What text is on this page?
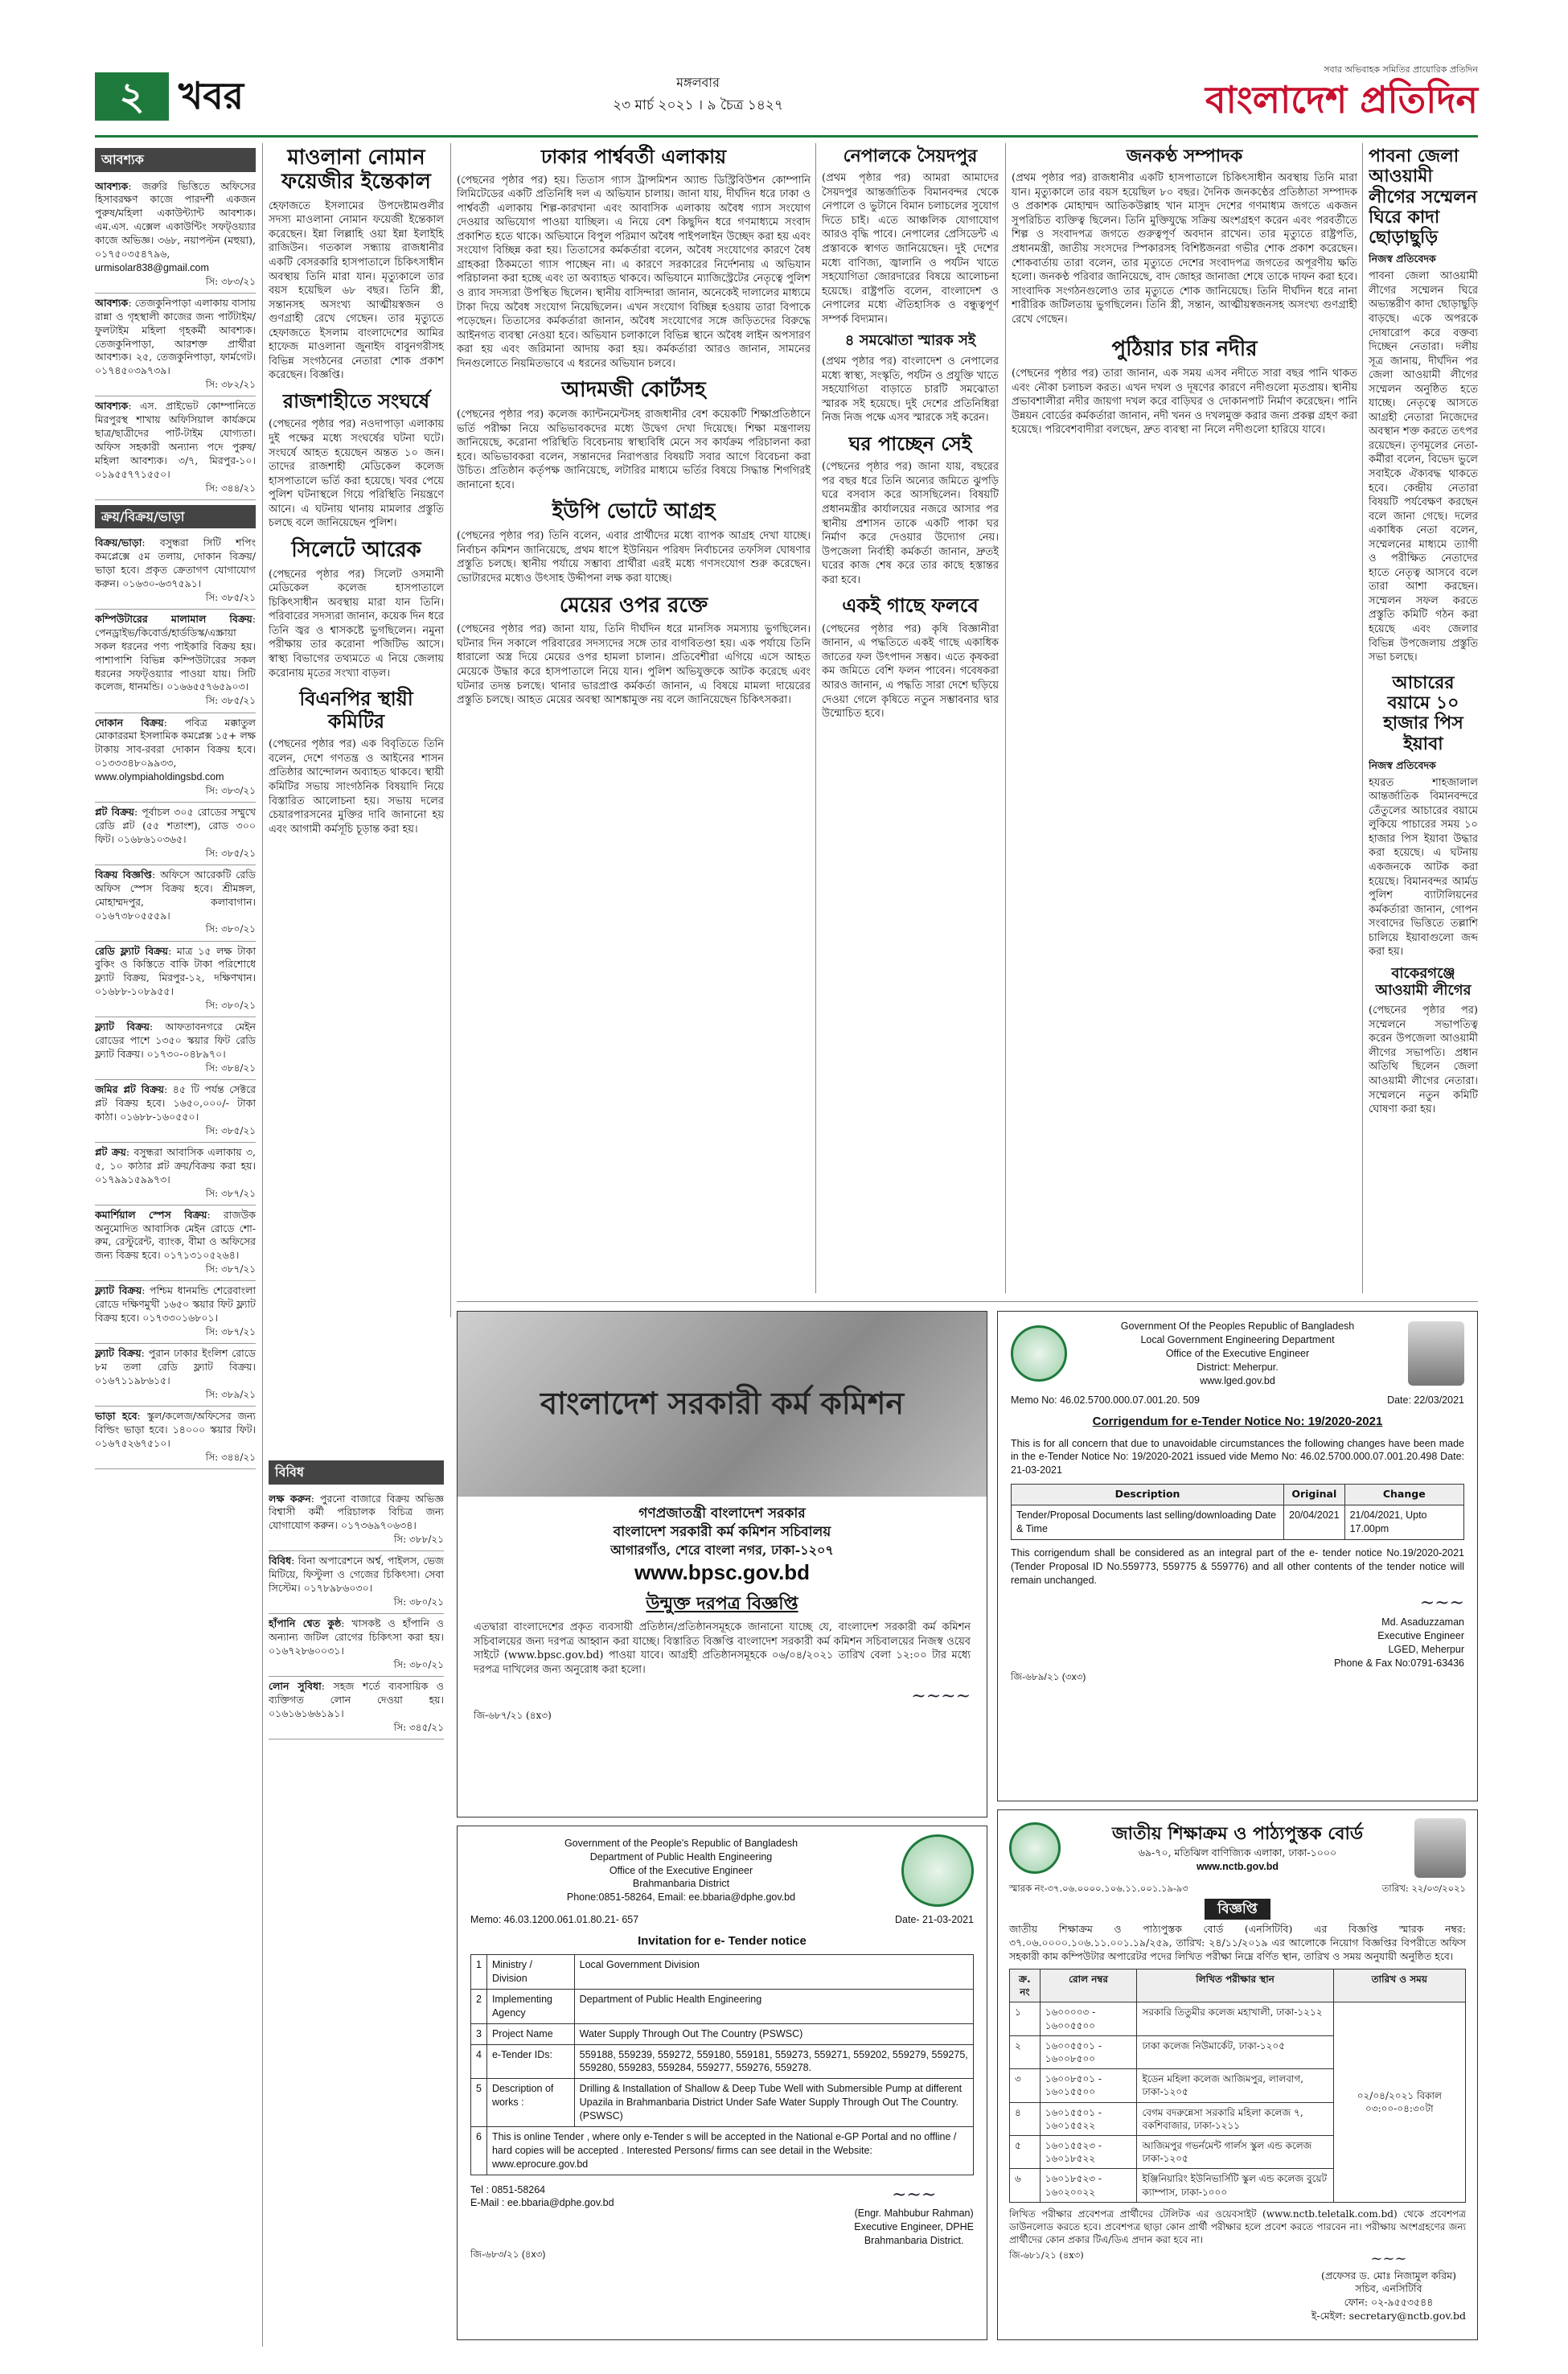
২ খবর	মঙ্গলবার
২৩ মার্চ ২০২১ । ৯ চৈত্র ১৪২৭
সবার অভিবাহক সমিতির প্রায়োরিক প্রতিদিন
বাংলাদেশ প্রতিদিন
আবশ্যক
আবশ্যক: জরুরি ভিত্তিতে অফিসের হিসাবরক্ষণ কাজে পারদর্শী একজন পুরুষ/মহিলা একাউন্ট্যান্ট আবশ্যক। এম.এস. এক্সেল একাউন্টিং সফট্ওয়্যার কাজে অভিজ্ঞ। ৩৬৮, নয়াপল্টন (মহুয়া), ০১৭৫০৩৫৪৭৯৬,
urmisolar838@gmail.com
সি: ৩৮৩/২১
আবশ্যক: তেজকুনিপাড়া এলাকায় বাসায় রান্না ও গৃহস্থালী কাজের জন্য পার্টটাইম/ফুলটাইম মহিলা গৃহকর্মী আবশ্যক। তেজকুনিপাড়া, আরশক্ত প্রার্থীরা আবশ্যক। ২৫, তেজকুনিপাড়া, ফার্মগেট। ০১৭৪৫০৩৯৭৩৯।
সি: ৩৮২/২১
আবশ্যক: এস. প্রাইভেট কোম্পানিতে মিরপুরস্থ শাখায় অফিসিয়াল কার্যক্রমে ছাত্র/ছাত্রীদের পার্ট-টাইম যোগ্যতা। অফিস সহকারী অন্যান্য পদে পুরুষ/মহিলা আবশ্যক। ৩/৭, মিরপুর-১০। ০১৯৫৫৭৭১৫৫০।
সি: ৩৪৪/২১
ক্রয়/বিক্রয়/ভাড়া
বিক্রয়/ভাড়া: বসুন্ধরা সিটি শপিং কমপ্লেক্সে ৫ম তলায়, দোকান বিক্রয়/ভাড়া হবে। প্রকৃত ক্রেতাগণ যোগাযোগ করুন। ০১৬৩০-৬৩৭৫৯১।
সি: ৩৮৫/২১
কম্পিউটারের মালামাল বিক্রয়: পেনড্রাইভ/কিবোর্ড/হার্ডডিস্ক/এস্ক্রায়া সকল ধরনের পণ্য পাইকারি বিক্রয় হয়। পাশাপাশি বিভিন্ন কম্পিউটারের সকল ধরনের সফট্ওয়্যার পাওয়া যায়। সিটি কলেজ, ধানমন্ডি। ০১৬৬৫৫৭৬৫৯০৩।
সি: ৩৮৫/২১
দোকান বিক্রয়: পবিত্র মক্কাতুল মোকাররমা ইসলামিক কমপ্লেক্স ১৫+ লক্ষ টাকায় সাব-রবরা দোকান বিক্রয় হবে। ০১৩৩৩৪৮০৯৯৩৩,
www.olympiaholdingsbd.com
সি: ৩৮৩/২১
প্লট বিক্রয়: পূর্বাচল ৩০৫ রোডের সম্মুখে রেডি প্লট (৫৫ শতাংশ), রোড ৩০০ ফিট। ০১৬৮৬১০৩৬৫।
সি: ৩৮৫/২১
বিক্রয় বিজ্ঞপ্তি: অফিসে আরেকটি রেডি অফিস স্পেস বিক্রয় হবে। শ্রীমঙ্গল, মোহাম্মদপুর, কলাবাগান। ০১৬৭৩৮০৫৫৫৯।
সি: ৩৮০/২১
রেডি ফ্ল্যাট বিক্রয়: মাত্র ১৫ লক্ষ টাকা বুকিং ও কিস্তিতে বাকি টাকা পরিশোধে ফ্ল্যাট বিক্রয়, মিরপুর-১২, দক্ষিণখান। ০১৬৮৮-১০৮৯৫৫।
সি: ৩৮০/২১
ফ্ল্যাট বিক্রয়: আফতাবনগরে মেইন রোডের পাশে ১৩৫০ স্কয়ার ফিট রেডি ফ্ল্যাট বিক্রয়। ০১৭৩০-০৪৮৯৭০।
সি: ৩৮৪/২১
জমির প্লট বিক্রয়: ৪৫ টি পর্যন্ত সেক্টরে প্লট বিক্রয় হবে। ১৬৫০,০০০/- টাকা কাঠা। ০১৬৮৮-১৬০৫৫০।
সি: ৩৮৫/২১
প্লট ক্রয়: বসুন্ধরা আবাসিক এলাকায় ৩, ৫, ১০ কাঠার প্লট ক্রয়/বিক্রয় করা হয়। ০১৭৯৯১৫৯৯৭৩।
সি: ৩৮৭/২১
কমার্শিয়াল স্পেস বিক্রয়: রাজউক অনুমোদিত আবাসিক মেইন রোডে শো-রুম, রেস্টুরেন্ট, ব্যাংক, বীমা ও অফিসের জন্য বিক্রয় হবে। ০১৭১৩১০৫২৬৪।
সি: ৩৮৭/২১
ফ্ল্যাট বিক্রয়: পশ্চিম ধানমন্ডি শেরেবাংলা রোডে দক্ষিণমুখী ১৬৫০ স্কয়ার ফিট ফ্ল্যাট বিক্রয় হবে। ০১৭৩৩০১৬৮০১।
সি: ৩৮৭/২১
ফ্ল্যাট বিক্রয়: পুরান ঢাকার ইংলিশ রোডে ৮ম তলা রেডি ফ্ল্যাট বিক্রয়। ০১৬৭১১৯৮৬১৫।
সি: ৩৮৯/২১
ভাড়া হবে: স্কুল/কলেজ/অফিসের জন্য বিল্ডিং ভাড়া হবে। ১৪০০০ স্কয়ার ফিট। ০১৬৭৫২৬৭৫১০।
সি: ৩৪৪/২১
মাওলানা নোমান ফয়েজীর ইন্তেকাল

হেফাজতে ইসলামের উপদেষ্টামণ্ডলীর সদস্য মাওলানা নোমান ফয়েজী ইন্তেকাল করেছেন। ইন্না লিল্লাহি ওয়া ইন্না ইলাইহি রাজিউন। গতকাল সন্ধ্যায় রাজধানীর একটি বেসরকারি হাসপাতালে চিকিৎসাধীন অবস্থায় তিনি মারা যান। মৃত্যুকালে তার বয়স হয়েছিল ৬৮ বছর। তিনি স্ত্রী, সন্তানসহ অসংখ্য আত্মীয়স্বজন ও গুণগ্রাহী রেখে গেছেন। তার মৃত্যুতে হেফাজতে ইসলাম বাংলাদেশের আমির হাফেজ মাওলানা জুনাইদ বাবুনগরীসহ বিভিন্ন সংগঠনের নেতারা শোক প্রকাশ করেছেন। বিজ্ঞপ্তি।

রাজশাহীতে সংঘর্ষে

(পেছনের পৃষ্ঠার পর) নওদাপাড়া এলাকায় দুই পক্ষের মধ্যে সংঘর্ষের ঘটনা ঘটে। সংঘর্ষে আহত হয়েছেন অন্তত ১০ জন। তাদের রাজশাহী মেডিকেল কলেজ হাসপাতালে ভর্তি করা হয়েছে। খবর পেয়ে পুলিশ ঘটনাস্থলে গিয়ে পরিস্থিতি নিয়ন্ত্রণে আনে। এ ঘটনায় থানায় মামলার প্রস্তুতি চলছে বলে জানিয়েছেন পুলিশ।

সিলেটে আরেক

(পেছনের পৃষ্ঠার পর) সিলেট ওসমানী মেডিকেল কলেজ হাসপাতালে চিকিৎসাধীন অবস্থায় মারা যান তিনি। পরিবারের সদস্যরা জানান, কয়েক দিন ধরে তিনি জ্বর ও শ্বাসকষ্টে ভুগছিলেন। নমুনা পরীক্ষায় তার করোনা পজিটিভ আসে। স্বাস্থ্য বিভাগের তথ্যমতে এ নিয়ে জেলায় করোনায় মৃতের সংখ্যা বাড়ল।

বিএনপির স্থায়ী কমিটির

(পেছনের পৃষ্ঠার পর) এক বিবৃতিতে তিনি বলেন, দেশে গণতন্ত্র ও আইনের শাসন প্রতিষ্ঠার আন্দোলন অব্যাহত থাকবে। স্থায়ী কমিটির সভায় সাংগঠনিক বিষয়াদি নিয়ে বিস্তারিত আলোচনা হয়। সভায় দলের চেয়ারপারসনের মুক্তির দাবি জানানো হয় এবং আগামী কর্মসূচি চূড়ান্ত করা হয়।

বিবিধ
লক্ষ করুন: পুরনো বাজারে বিক্রয় অভিজ্ঞ বিশ্বাসী কর্মী পরিচালক বিচিত্র জন্য যোগাযোগ করুন। ০১৭৩৬৯৭০৬৩৪।
সি: ৩৮৮/২১
বিবিধ: বিনা অপারেশনে অর্শ্ব, পাইলস, ভেজ মিটিয়ে, ফিস্টুলা ও গেজের চিকিৎসা। সেবা সিস্টেম। ০১৭৮৯৮৬০৩০।
সি: ৩৮০/২১
হাঁপানি শ্বেত কুষ্ঠ: খাসকষ্ট ও হাঁপানি ও অন্যান্য জটিল রোগের চিকিৎসা করা হয়। ০১৬৭২৮৬০০৩১।
সি: ৩৮০/২১
লোন সুবিধা: সহজ শর্তে ব্যবসায়িক ও ব্যক্তিগত লোন দেওয়া হয়। ০১৬১৬১৬৬১৯১।
সি: ৩৪৫/২১
ঢাকার পার্শ্ববর্তী এলাকায়

(পেছনের পৃষ্ঠার পর) হয়। তিতাস গ্যাস ট্রান্সমিশন অ্যান্ড ডিস্ট্রিবিউশন কোম্পানি লিমিটেডের একটি প্রতিনিধি দল এ অভিযান চালায়। জানা যায়, দীর্ঘদিন ধরে ঢাকা ও পার্শ্ববর্তী এলাকায় শিল্প-কারখানা এবং আবাসিক এলাকায় অবৈধ গ্যাস সংযোগ দেওয়ার অভিযোগ পাওয়া যাচ্ছিল। এ নিয়ে বেশ কিছুদিন ধরে গণমাধ্যমে সংবাদ প্রকাশিত হতে থাকে। অভিযানে বিপুল পরিমাণ অবৈধ পাইপলাইন উচ্ছেদ করা হয় এবং সংযোগ বিচ্ছিন্ন করা হয়। তিতাসের কর্মকর্তারা বলেন, অবৈধ সংযোগের কারণে বৈধ গ্রাহকরা ঠিকমতো গ্যাস পাচ্ছেন না। এ কারণে সরকারের নির্দেশনায় এ অভিযান পরিচালনা করা হচ্ছে এবং তা অব্যাহত থাকবে। অভিযানে ম্যাজিস্ট্রেটের নেতৃত্বে পুলিশ ও র‍্যাব সদস্যরা উপস্থিত ছিলেন। স্থানীয় বাসিন্দারা জানান, অনেকেই দালালের মাধ্যমে টাকা দিয়ে অবৈধ সংযোগ নিয়েছিলেন। এখন সংযোগ বিচ্ছিন্ন হওয়ায় তারা বিপাকে পড়েছেন। তিতাসের কর্মকর্তারা জানান, অবৈধ সংযোগের সঙ্গে জড়িতদের বিরুদ্ধে আইনগত ব্যবস্থা নেওয়া হবে। অভিযান চলাকালে বিভিন্ন স্থানে অবৈধ লাইন অপসারণ করা হয় এবং জরিমানা আদায় করা হয়। কর্মকর্তারা আরও জানান, সামনের দিনগুলোতে নিয়মিতভাবে এ ধরনের অভিযান চলবে।

আদমজী কোর্টসহ

(পেছনের পৃষ্ঠার পর) কলেজ ক্যান্টনমেন্টসহ রাজধানীর বেশ কয়েকটি শিক্ষাপ্রতিষ্ঠানে ভর্তি পরীক্ষা নিয়ে অভিভাবকদের মধ্যে উদ্বেগ দেখা দিয়েছে। শিক্ষা মন্ত্রণালয় জানিয়েছে, করোনা পরিস্থিতি বিবেচনায় স্বাস্থ্যবিধি মেনে সব কার্যক্রম পরিচালনা করা হবে। অভিভাবকরা বলেন, সন্তানদের নিরাপত্তার বিষয়টি সবার আগে বিবেচনা করা উচিত। প্রতিষ্ঠান কর্তৃপক্ষ জানিয়েছে, লটারির মাধ্যমে ভর্তির বিষয়ে সিদ্ধান্ত শিগগিরই জানানো হবে।

ইউপি ভোটে আগ্রহ

(পেছনের পৃষ্ঠার পর) তিনি বলেন, এবার প্রার্থীদের মধ্যে ব্যাপক আগ্রহ দেখা যাচ্ছে। নির্বাচন কমিশন জানিয়েছে, প্রথম ধাপে ইউনিয়ন পরিষদ নির্বাচনের তফসিল ঘোষণার প্রস্তুতি চলছে। স্থানীয় পর্যায়ে সম্ভাব্য প্রার্থীরা এরই মধ্যে গণসংযোগ শুরু করেছেন। ভোটারদের মধ্যেও উৎসাহ উদ্দীপনা লক্ষ করা যাচ্ছে।

মেয়ের ওপর রক্তে

(পেছনের পৃষ্ঠার পর) জানা যায়, তিনি দীর্ঘদিন ধরে মানসিক সমস্যায় ভুগছিলেন। ঘটনার দিন সকালে পরিবারের সদস্যদের সঙ্গে তার বাগবিতণ্ডা হয়। এক পর্যায়ে তিনি ধারালো অস্ত্র দিয়ে মেয়ের ওপর হামলা চালান। প্রতিবেশীরা এগিয়ে এসে আহত মেয়েকে উদ্ধার করে হাসপাতালে নিয়ে যান। পুলিশ অভিযুক্তকে আটক করেছে এবং ঘটনার তদন্ত চলছে। থানার ভারপ্রাপ্ত কর্মকর্তা জানান, এ বিষয়ে মামলা দায়েরের প্রস্তুতি চলছে। আহত মেয়ের অবস্থা আশঙ্কামুক্ত নয় বলে জানিয়েছেন চিকিৎসকরা।

নেপালকে সৈয়দপুর

(প্রথম পৃষ্ঠার পর) আমরা আমাদের সৈয়দপুর আন্তর্জাতিক বিমানবন্দর থেকে নেপালে ও ভুটানে বিমান চলাচলের সুযোগ দিতে চাই। এতে আঞ্চলিক যোগাযোগ আরও বৃদ্ধি পাবে। নেপালের প্রেসিডেন্ট এ প্রস্তাবকে স্বাগত জানিয়েছেন। দুই দেশের মধ্যে বাণিজ্য, জ্বালানি ও পর্যটন খাতে সহযোগিতা জোরদারের বিষয়ে আলোচনা হয়েছে। রাষ্ট্রপতি বলেন, বাংলাদেশ ও নেপালের মধ্যে ঐতিহাসিক ও বন্ধুত্বপূর্ণ সম্পর্ক বিদ্যমান।

৪ সমঝোতা স্মারক সই

(প্রথম পৃষ্ঠার পর) বাংলাদেশ ও নেপালের মধ্যে স্বাস্থ্য, সংস্কৃতি, পর্যটন ও প্রযুক্তি খাতে সহযোগিতা বাড়াতে চারটি সমঝোতা স্মারক সই হয়েছে। দুই দেশের প্রতিনিধিরা নিজ নিজ পক্ষে এসব স্মারকে সই করেন।

ঘর পাচ্ছেন সেই

(পেছনের পৃষ্ঠার পর) জানা যায়, বছরের পর বছর ধরে তিনি অন্যের জমিতে ঝুপড়ি ঘরে বসবাস করে আসছিলেন। বিষয়টি প্রধানমন্ত্রীর কার্যালয়ের নজরে আসার পর স্থানীয় প্রশাসন তাকে একটি পাকা ঘর নির্মাণ করে দেওয়ার উদ্যোগ নেয়। উপজেলা নির্বাহী কর্মকর্তা জানান, দ্রুতই ঘরের কাজ শেষ করে তার কাছে হস্তান্তর করা হবে।

একই গাছে ফলবে

(পেছনের পৃষ্ঠার পর) কৃষি বিজ্ঞানীরা জানান, এ পদ্ধতিতে একই গাছে একাধিক জাতের ফল উৎপাদন সম্ভব। এতে কৃষকরা কম জমিতে বেশি ফলন পাবেন। গবেষকরা আরও জানান, এ পদ্ধতি সারা দেশে ছড়িয়ে দেওয়া গেলে কৃষিতে নতুন সম্ভাবনার দ্বার উন্মোচিত হবে।

জনকণ্ঠ সম্পাদক

(প্রথম পৃষ্ঠার পর) রাজধানীর একটি হাসপাতালে চিকিৎসাধীন অবস্থায় তিনি মারা যান। মৃত্যুকালে তার বয়স হয়েছিল ৮০ বছর। দৈনিক জনকণ্ঠের প্রতিষ্ঠাতা সম্পাদক ও প্রকাশক মোহাম্মদ আতিকউল্লাহ খান মাসুদ দেশের গণমাধ্যম জগতে একজন সুপরিচিত ব্যক্তিত্ব ছিলেন। তিনি মুক্তিযুদ্ধে সক্রিয় অংশগ্রহণ করেন এবং পরবর্তীতে শিল্প ও সংবাদপত্র জগতে গুরুত্বপূর্ণ অবদান রাখেন। তার মৃত্যুতে রাষ্ট্রপতি, প্রধানমন্ত্রী, জাতীয় সংসদের স্পিকারসহ বিশিষ্টজনরা গভীর শোক প্রকাশ করেছেন। শোকবার্তায় তারা বলেন, তার মৃত্যুতে দেশের সংবাদপত্র জগতের অপূরণীয় ক্ষতি হলো। জনকণ্ঠ পরিবার জানিয়েছে, বাদ জোহর জানাজা শেষে তাকে দাফন করা হবে। সাংবাদিক সংগঠনগুলোও তার মৃত্যুতে শোক জানিয়েছে। তিনি দীর্ঘদিন ধরে নানা শারীরিক জটিলতায় ভুগছিলেন। তিনি স্ত্রী, সন্তান, আত্মীয়স্বজনসহ অসংখ্য গুণগ্রাহী রেখে গেছেন।

পুঠিয়ার চার নদীর

(পেছনের পৃষ্ঠার পর) তারা জানান, এক সময় এসব নদীতে সারা বছর পানি থাকত এবং নৌকা চলাচল করত। এখন দখল ও দূষণের কারণে নদীগুলো মৃতপ্রায়। স্থানীয় প্রভাবশালীরা নদীর জায়গা দখল করে বাড়িঘর ও দোকানপাট নির্মাণ করেছেন। পানি উন্নয়ন বোর্ডের কর্মকর্তারা জানান, নদী খনন ও দখলমুক্ত করার জন্য প্রকল্প গ্রহণ করা হয়েছে। পরিবেশবাদীরা বলছেন, দ্রুত ব্যবস্থা না নিলে নদীগুলো হারিয়ে যাবে।

পাবনা জেলা আওয়ামী লীগের সম্মেলন ঘিরে কাদা ছোড়াছুড়ি
নিজস্ব প্রতিবেদক

পাবনা জেলা আওয়ামী লীগের সম্মেলন ঘিরে অভ্যন্তরীণ কাদা ছোড়াছুড়ি বাড়ছে। একে অপরকে দোষারোপ করে বক্তব্য দিচ্ছেন নেতারা। দলীয় সূত্র জানায়, দীর্ঘদিন পর জেলা আওয়ামী লীগের সম্মেলন অনুষ্ঠিত হতে যাচ্ছে। নেতৃত্বে আসতে আগ্রহী নেতারা নিজেদের অবস্থান শক্ত করতে তৎপর রয়েছেন। তৃণমূলের নেতা-কর্মীরা বলেন, বিভেদ ভুলে সবাইকে ঐক্যবদ্ধ থাকতে হবে। কেন্দ্রীয় নেতারা বিষয়টি পর্যবেক্ষণ করছেন বলে জানা গেছে। দলের একাধিক নেতা বলেন, সম্মেলনের মাধ্যমে ত্যাগী ও পরীক্ষিত নেতাদের হাতে নেতৃত্ব আসবে বলে তারা আশা করছেন। সম্মেলন সফল করতে প্রস্তুতি কমিটি গঠন করা হয়েছে এবং জেলার বিভিন্ন উপজেলায় প্রস্তুতি সভা চলছে।

আচারের বয়ামে ১০ হাজার পিস ইয়াবা
নিজস্ব প্রতিবেদক

হযরত শাহজালাল আন্তর্জাতিক বিমানবন্দরে তেঁতুলের আচারের বয়ামে লুকিয়ে পাচারের সময় ১০ হাজার পিস ইয়াবা উদ্ধার করা হয়েছে। এ ঘটনায় একজনকে আটক করা হয়েছে। বিমানবন্দর আর্মড পুলিশ ব্যাটালিয়নের কর্মকর্তারা জানান, গোপন সংবাদের ভিত্তিতে তল্লাশি চালিয়ে ইয়াবাগুলো জব্দ করা হয়।

বাকেরগঞ্জে আওয়ামী লীগের

(পেছনের পৃষ্ঠার পর) সম্মেলনে সভাপতিত্ব করেন উপজেলা আওয়ামী লীগের সভাপতি। প্রধান অতিথি ছিলেন জেলা আওয়ামী লীগের নেতারা। সম্মেলনে নতুন কমিটি ঘোষণা করা হয়।

বাংলাদেশ সরকারী কর্ম কমিশন
গণপ্রজাতন্ত্রী বাংলাদেশ সরকার
বাংলাদেশ সরকারী কর্ম কমিশন সচিবালয়
আগারগাঁও, শেরে বাংলা নগর, ঢাকা-১২০৭
www.bpsc.gov.bd
উন্মুক্ত দরপত্র বিজ্ঞপ্তি

এতদ্বারা বাংলাদেশের প্রকৃত ব্যবসায়ী প্রতিষ্ঠান/প্রতিষ্ঠানসমূহকে জানানো যাচ্ছে যে, বাংলাদেশ সরকারী কর্ম কমিশন সচিবালয়ের জন্য দরপত্র আহ্বান করা যাচ্ছে। বিস্তারিত বিজ্ঞপ্তি বাংলাদেশ সরকারী কর্ম কমিশন সচিবালয়ের নিজস্ব ওয়েব সাইটে (www.bpsc.gov.bd) পাওয়া যাবে। আগ্রহী প্রতিষ্ঠানসমূহকে ০৬/০৪/২০২১ তারিখ বেলা ১২:০০ টার মধ্যে দরপত্র দাখিলের জন্য অনুরোধ করা হলো।

~~~~
জি-৬৮৭/২১ (৪x৩)
Government of the People's Republic of Bangladesh
Department of Public Health Engineering
Office of the Executive Engineer
Brahmanbaria District
Phone:0851-58264, Email: ee.bbaria@dphe.gov.bd
Memo: 46.03.1200.061.01.80.21- 657	Date- 21-03-2021
Invitation for e- Tender notice
1	Ministry / Division	Local Government Division
2	Implementing Agency	Department of Public Health Engineering
3	Project Name	Water Supply Through Out The Country (PSWSC)
4	e-Tender IDs:	559188, 559239, 559272, 559180, 559181, 559273, 559271, 559202, 559279, 559275, 559280, 559283, 559284, 559277, 559276, 559278.
5	Description of works :	Drilling & Installation of Shallow & Deep Tube Well with Submersible Pump at different Upazila in Brahmanbaria District Under Safe Water Supply Through Out The Country.(PSWSC)
6	This is online Tender , where only e-Tender s will be accepted in the National e-GP Portal and no offline / hard copies will be accepted . Interested Persons/ firms can see detail in the Website: www.eprocure.gov.bd	
Tel : 0851-58264
E-Mail : ee.bbaria@dphe.gov.bd	~~~
(Engr. Mahbubur Rahman)
Executive Engineer, DPHE
Brahmanbaria District.
জি-৬৮৩/২১ (৪x৩)
Government Of the Peoples Republic of Bangladesh
Local Government Engineering Department
Office of the Executive Engineer
District: Meherpur.
www.lged.gov.bd
Memo No: 46.02.5700.000.07.001.20. 509	Date: 22/03/2021
Corrigendum for e-Tender Notice No: 19/2020-2021

This is for all concern that due to unavoidable circumstances the following changes have been made in the e-Tender Notice No: 19/2020-2021 issued vide Memo No: 46.02.5700.000.07.001.20.498 Date: 21-03-2021

Description	Original	Change
Tender/Proposal Documents last selling/downloading Date & Time	20/04/2021	21/04/2021, Upto 17.00pm

This corrigendum shall be considered as an integral part of the e- tender notice No.19/2020-2021 (Tender Proposal ID No.559773, 559775 & 559776) and all other contents of the tender notice will remain unchanged.

~~~
Md. Asaduzzaman
Executive Engineer
LGED, Meherpur
Phone & Fax No:0791-63436
জি-৬৮৯/২১ (৩x৩)
জাতীয় শিক্ষাক্রম ও পাঠ্যপুস্তক বোর্ড
৬৯-৭০, মতিঝিল বাণিজ্যিক এলাকা, ঢাকা-১০০০
www.nctb.gov.bd
স্মারক নং-৩৭.০৬.০০০০.১০৬.১১.০০১.১৯-৯৩	তারিখ: ২২/০৩/২০২১
বিজ্ঞপ্তি

জাতীয় শিক্ষাক্রম ও পাঠ্যপুস্তক বোর্ড (এনসিটিবি) এর বিজ্ঞপ্তি স্মারক নম্বর: ৩৭.০৬.০০০০.১০৬.১১.০০১.১৯/২৫৯, তারিখ: ২৪/১১/২০১৯ এর আলোকে নিয়োগ বিজ্ঞপ্তির বিপরীতে অফিস সহকারী কাম কম্পিউটার অপারেটর পদের লিখিত পরীক্ষা নিম্নে বর্ণিত স্থান, তারিখ ও সময় অনুযায়ী অনুষ্ঠিত হবে।

ক্র. নং	রোল নম্বর	লিখিত পরীক্ষার স্থান	তারিখ ও সময়
১	১৬০০০০৩ - ১৬০০৫৫০০	সরকারি তিতুমীর কলেজ মহাখালী, ঢাকা-১২১২	০২/০৪/২০২১ বিকাল ০৩:০০-০৪:৩০টা
২	১৬০০৫৫০১ - ১৬০০৮৫০০	ঢাকা কলেজ নিউমার্কেট, ঢাকা-১২০৫	
৩	১৬০০৮৫০১ - ১৬০১৫৫০০	ইডেন মহিলা কলেজ আজিমপুর, লালবাগ, ঢাকা-১২০৫	
৪	১৬০১৫৫০১ - ১৬০১৫৫২২	বেগম বদরুন্নেসা সরকারি মহিলা কলেজ ৭, বকশিবাজার, ঢাকা-১২১১	
৫	১৬০১৫৫২৩ - ১৬০১৮৫২২	আজিমপুর গভর্নমেন্ট গার্লস স্কুল এন্ড কলেজ ঢাকা-১২০৫	
৬	১৬০১৮৫২৩ - ১৬০২০০২২	ইঞ্জিনিয়ারিং ইউনিভার্সিটি স্কুল এন্ড কলেজ বুয়েট ক্যাম্পাস, ঢাকা-১০০০	

লিখিত পরীক্ষার প্রবেশপত্র প্রার্থীদের টেলিটক এর ওয়েবসাইট (www.nctb.teletalk.com.bd) থেকে প্রবেশপত্র ডাউনলোড করতে হবে। প্রবেশপত্র ছাড়া কোন প্রার্থী পরীক্ষার হলে প্রবেশ করতে পারবেন না। পরীক্ষায় অংশগ্রহণের জন্য প্রার্থীদের কোন প্রকার টিএ/ডিএ প্রদান করা হবে না।

জি-৬৮১/২১ (৪x৩)	~~~
(প্রফেসর ড. মোঃ নিজামুল করিম)
সচিব, এনসিটিবি
ফোন: ০২-৯৫৫৩৫৪৪
ই-মেইল: secretary@nctb.gov.bd
